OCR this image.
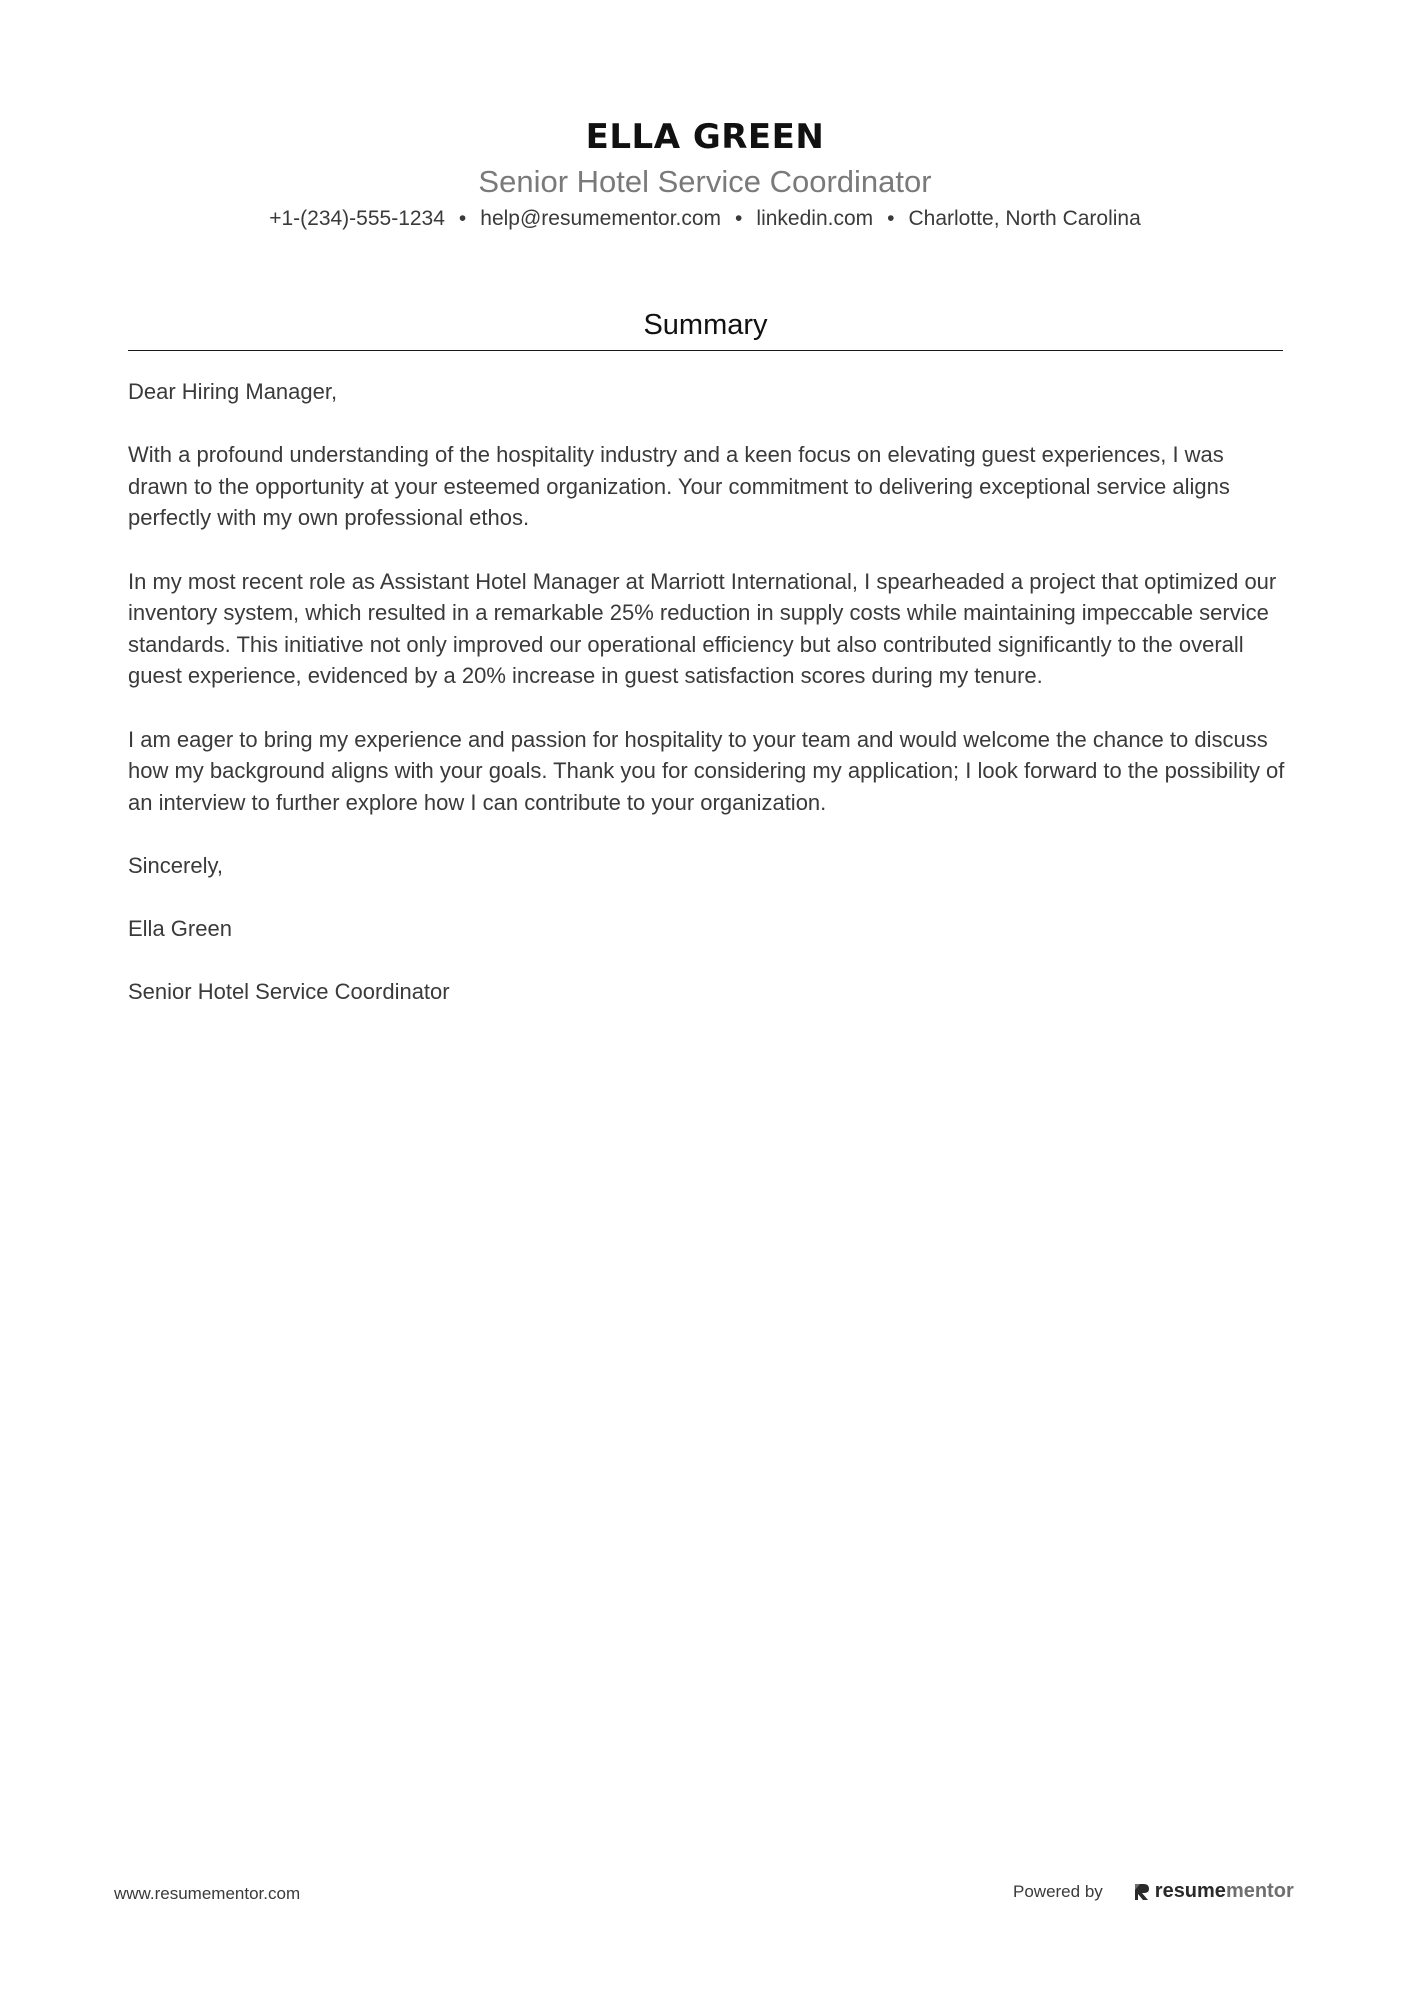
ELLA GREEN
Senior Hotel Service Coordinator
+1-(234)-555-1234 • help@resumementor.com • linkedin.com • Charlotte, North Carolina
Summary

Dear Hiring Manager,

With a profound understanding of the hospitality industry and a keen focus on elevating guest experiences, I was drawn to the opportunity at your esteemed organization. Your commitment to delivering exceptional service aligns perfectly with my own professional ethos.

In my most recent role as Assistant Hotel Manager at Marriott International, I spearheaded a project that optimized our inventory system, which resulted in a remarkable 25% reduction in supply costs while maintaining impeccable service standards. This initiative not only improved our operational efficiency but also contributed significantly to the overall guest experience, evidenced by a 20% increase in guest satisfaction scores during my tenure.

I am eager to bring my experience and passion for hospitality to your team and would welcome the chance to discuss how my background aligns with your goals. Thank you for considering my application; I look forward to the possibility of an interview to further explore how I can contribute to your organization.

Sincerely,

Ella Green

Senior Hotel Service Coordinator

www.resumementor.com	Powered by	resume mentor
